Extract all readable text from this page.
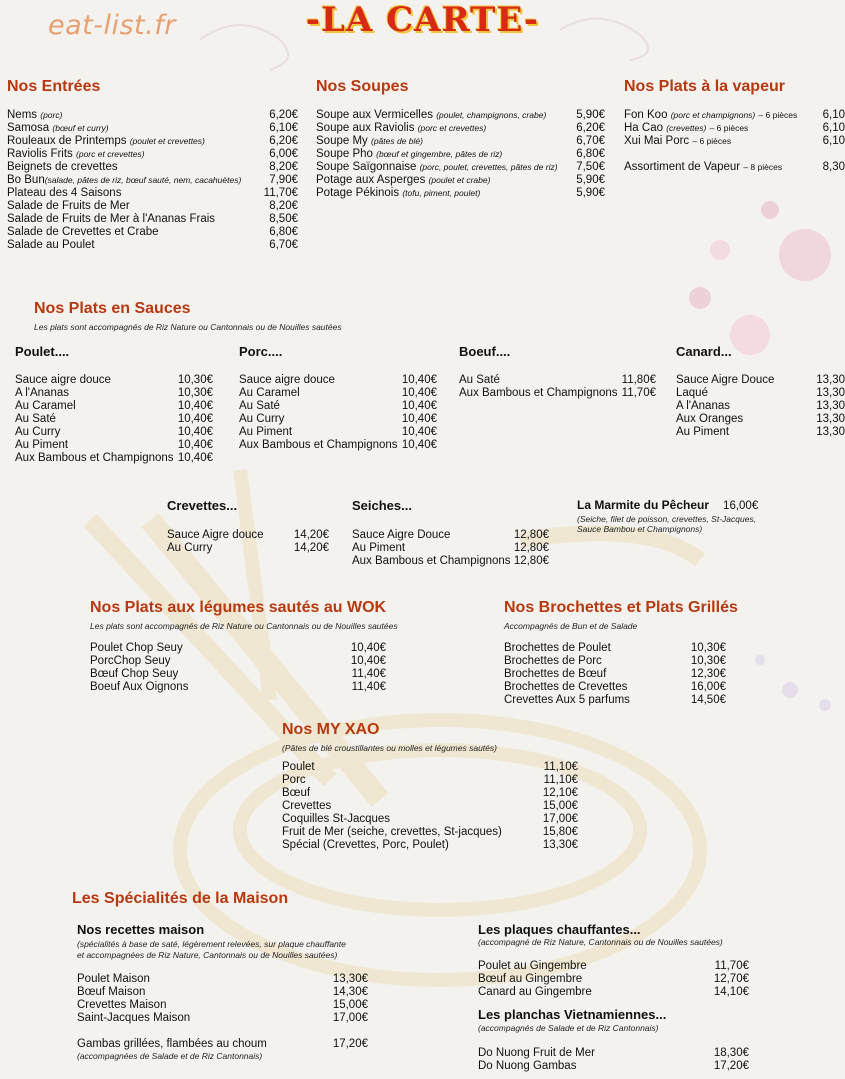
eat-list.fr	-LA CARTE-
Nos Entrées
Nems (porc)	6,20€
Samosa (bœuf et curry)	6,10€
Rouleaux de Printemps (poulet et crevettes)	6,20€
Raviolis Frits (porc et crevettes)	6,00€
Beignets de crevettes	8,20€
Bo Bun(salade, pâtes de riz, bœuf sauté, nem, cacahuètes) 7,90€
Plateau des 4 Saisons	11,70€
Salade de Fruits de Mer	8,20€
Salade de Fruits de Mer à l'Ananas Frais	8,50€
Salade de Crevettes et Crabe	6,80€
Salade au Poulet	6,70€
Nos Soupes
Soupe aux Vermicelles (poulet, champignons, crabe)	5,90€
Soupe aux Raviolis (porc et crevettes)	6,20€
Soupe My (pâtes de blé)	6,70€
Soupe Pho (bœuf et gingembre, pâtes de riz)	6,80€
Soupe Saïgonnaise (porc, poulet, crevettes, pâtes de riz) 7,50€
Potage aux Asperges (poulet et crabe)	5,90€
Potage Pékinois (tofu, piment, poulet)	5,90€
Nos Plats à la vapeur
Fon Koo (porc et champignons) – 6 pièces 6,10
Ha Cao (crevettes) – 6 pièces	6,10
Xui Mai Porc – 6 pièces	6,10
Assortiment de Vapeur – 8 pièces	8,30
Nos Plats en Sauces
Les plats sont accompagnés de Riz Nature ou Cantonnais ou de Nouilles sautées
Poulet....
Sauce aigre douce	10,30€
A l'Ananas	10,30€
Au Caramel	10,40€
Au Saté	10,40€
Au Curry	10,40€
Au Piment	10,40€
Aux Bambous et Champignons 10,40€
Porc....
Sauce aigre douce	10,40€
Au Caramel	10,40€
Au Saté	10,40€
Au Curry	10,40€
Au Piment	10,40€
Aux Bambous et Champignons 10,40€
Boeuf....
Au Saté	11,80€
Aux Bambous et Champignons 11,70€
Canard...
Sauce Aigre Douce	13,30
Laqué	13,30
A l'Ananas	13,30
Aux Oranges	13,30
Au Piment	13,30
Crevettes...
Sauce Aigre douce	14,20€
Au Curry	14,20€
Seiches...
Sauce Aigre Douce	12,80€
Au Piment	12,80€
Aux Bambous et Champignons 12,80€
La Marmite du Pêcheur 16,00€
(Seiche, filet de poisson, crevettes, St-Jacques,
Sauce Bambou et Champignons)
Nos Plats aux légumes sautés au WOK
Les plats sont accompagnés de Riz Nature ou Cantonnais ou de Nouilles sautées
Poulet Chop Seuy	10,40€
PorcChop Seuy	10,40€
Bœuf Chop Seuy	11,40€
Boeuf Aux Oignons	11,40€
Nos Brochettes et Plats Grillés
Accompagnés de Bun et de Salade
Brochettes de Poulet	10,30€
Brochettes de Porc	10,30€
Brochettes de Bœuf	12,30€
Brochettes de Crevettes	16,00€
Crevettes Aux 5 parfums	14,50€
Nos MY XAO
(Pâtes de blé croustillantes ou molles et légumes sautés)
Poulet	11,10€
Porc	11,10€
Bœuf	12,10€
Crevettes	15,00€
Coquilles St-Jacques	17,00€
Fruit de Mer (seiche, crevettes, St-jacques)	15,80€
Spécial (Crevettes, Porc, Poulet)	13,30€
Les Spécialités de la Maison
Nos recettes maison
(spécialités à base de saté, légèrement relevées, sur plaque chauffante
et accompagnées de Riz Nature, Cantonnais ou de Nouilles sautées)
Poulet Maison	13,30€
Bœuf Maison	14,30€
Crevettes Maison	15,00€
Saint-Jacques Maison	17,00€
Gambas grillées, flambées au choum	17,20€
(accompagnées de Salade et de Riz Cantonnais)
Les plaques chauffantes...
(accompagné de Riz Nature, Cantonnais ou de Nouilles sautées)
Poulet au Gingembre	11,70€
Bœuf au Gingembre	12,70€
Canard au Gingembre	14,10€
Les planchas Vietnamiennes...
(accompagnés de Salade et de Riz Cantonnais)
Do Nuong Fruit de Mer	18,30€
Do Nuong Gambas	17,20€
